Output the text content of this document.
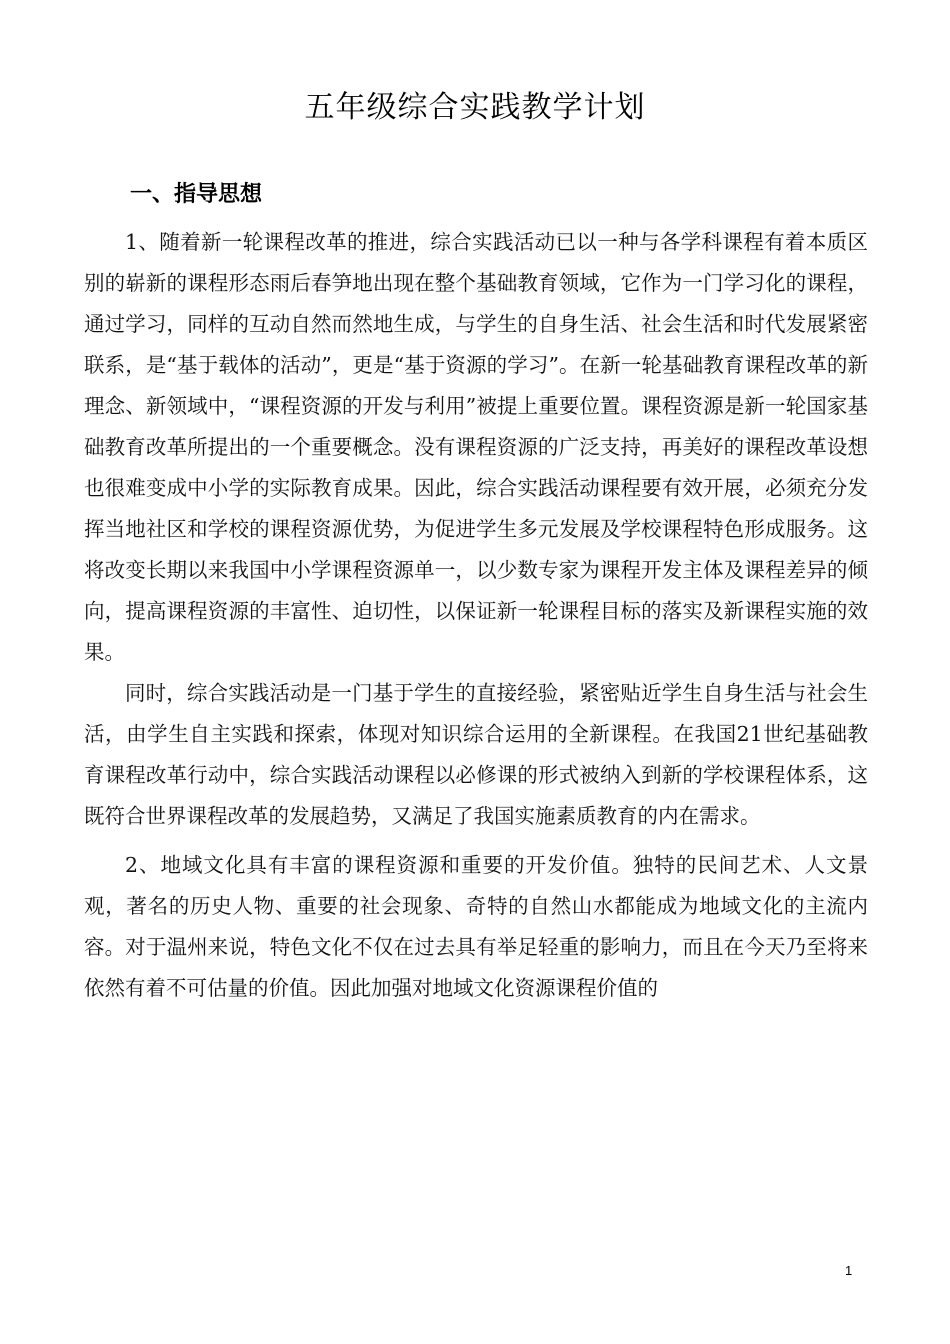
五年级综合实践教学计划
一、指导思想

1、随着新一轮课程改革的推进，综合实践活动已以一种与各学科课程有着本质区别的崭新的课程形态雨后春笋地出现在整个基础教育领域，它作为一门学习化的课程，通过学习，同样的互动自然而然地生成，与学生的自身生活、社会生活和时代发展紧密联系，是“基于载体的活动”，更是“基于资源的学习”。在新一轮基础教育课程改革的新理念、新领域中，“课程资源的开发与利用”被提上重要位置。课程资源是新一轮国家基础教育改革所提出的一个重要概念。没有课程资源的广泛支持，再美好的课程改革设想也很难变成中小学的实际教育成果。因此，综合实践活动课程要有效开展，必须充分发挥当地社区和学校的课程资源优势，为促进学生多元发展及学校课程特色形成服务。这将改变长期以来我国中小学课程资源单一，以少数专家为课程开发主体及课程差异的倾向，提高课程资源的丰富性、迫切性，以保证新一轮课程目标的落实及新课程实施的效果。

同时，综合实践活动是一门基于学生的直接经验，紧密贴近学生自身生活与社会生活，由学生自主实践和探索，体现对知识综合运用的全新课程。在我国21世纪基础教育课程改革行动中，综合实践活动课程以必修课的形式被纳入到新的学校课程体系，这既符合世界课程改革的发展趋势，又满足了我国实施素质教育的内在需求。

2、地域文化具有丰富的课程资源和重要的开发价值。独特的民间艺术、人文景观，著名的历史人物、重要的社会现象、奇特的自然山水都能成为地域文化的主流内容。对于温州来说，特色文化不仅在过去具有举足轻重的影响力，而且在今天乃至将来依然有着不可估量的价值。因此加强对地域文化资源课程价值的

1
